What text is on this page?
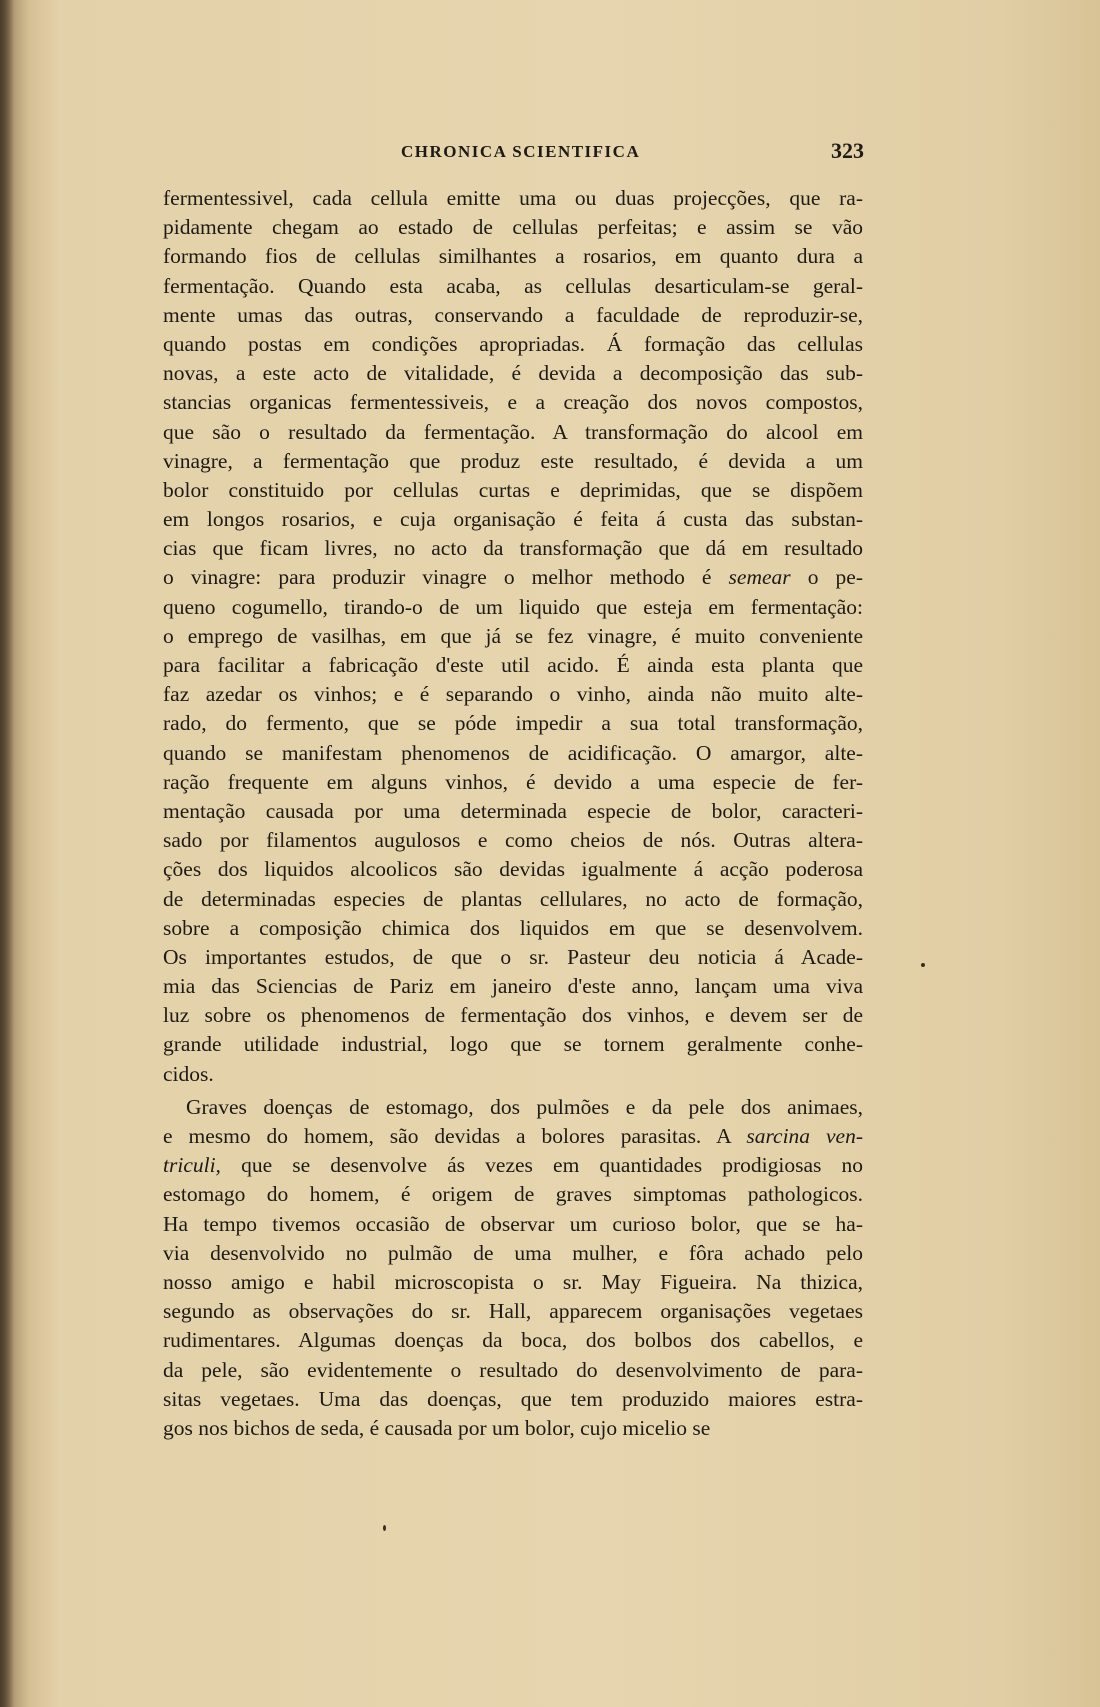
CHRONICA SCIENTIFICA	323
fermentessivel, cada cellula emitte uma ou duas projecções, que ra-
pidamente chegam ao estado de cellulas perfeitas; e assim se vão
formando fios de cellulas similhantes a rosarios, em quanto dura a
fermentação. Quando esta acaba, as cellulas desarticulam-se geral-
mente umas das outras, conservando a faculdade de reproduzir-se,
quando postas em condições apropriadas. Á formação das cellulas
novas, a este acto de vitalidade, é devida a decomposição das sub-
stancias organicas fermentessiveis, e a creação dos novos compostos,
que são o resultado da fermentação. A transformação do alcool em
vinagre, a fermentação que produz este resultado, é devida a um
bolor constituido por cellulas curtas e deprimidas, que se dispõem
em longos rosarios, e cuja organisação é feita á custa das substan-
cias que ficam livres, no acto da transformação que dá em resultado
o vinagre: para produzir vinagre o melhor methodo é semear o pe-
queno cogumello, tirando-o de um liquido que esteja em fermentação:
o emprego de vasilhas, em que já se fez vinagre, é muito conveniente
para facilitar a fabricação d'este util acido. É ainda esta planta que
faz azedar os vinhos; e é separando o vinho, ainda não muito alte-
rado, do fermento, que se póde impedir a sua total transformação,
quando se manifestam phenomenos de acidificação. O amargor, alte-
ração frequente em alguns vinhos, é devido a uma especie de fer-
mentação causada por uma determinada especie de bolor, caracteri-
sado por filamentos augulosos e como cheios de nós. Outras altera-
ções dos liquidos alcoolicos são devidas igualmente á acção poderosa
de determinadas especies de plantas cellulares, no acto de formação,
sobre a composição chimica dos liquidos em que se desenvolvem.
Os importantes estudos, de que o sr. Pasteur deu noticia á Acade-
mia das Sciencias de Pariz em janeiro d'este anno, lançam uma viva
luz sobre os phenomenos de fermentação dos vinhos, e devem ser de
grande utilidade industrial, logo que se tornem geralmente conhe-
cidos.
Graves doenças de estomago, dos pulmões e da pele dos animaes,
e mesmo do homem, são devidas a bolores parasitas. A sarcina ven-
triculi, que se desenvolve ás vezes em quantidades prodigiosas no
estomago do homem, é origem de graves simptomas pathologicos.
Ha tempo tivemos occasião de observar um curioso bolor, que se ha-
via desenvolvido no pulmão de uma mulher, e fôra achado pelo
nosso amigo e habil microscopista o sr. May Figueira. Na thizica,
segundo as observações do sr. Hall, apparecem organisações vegetaes
rudimentares. Algumas doenças da boca, dos bolbos dos cabellos, e
da pele, são evidentemente o resultado do desenvolvimento de para-
sitas vegetaes. Uma das doenças, que tem produzido maiores estra-
gos nos bichos de seda, é causada por um bolor, cujo micelio se
